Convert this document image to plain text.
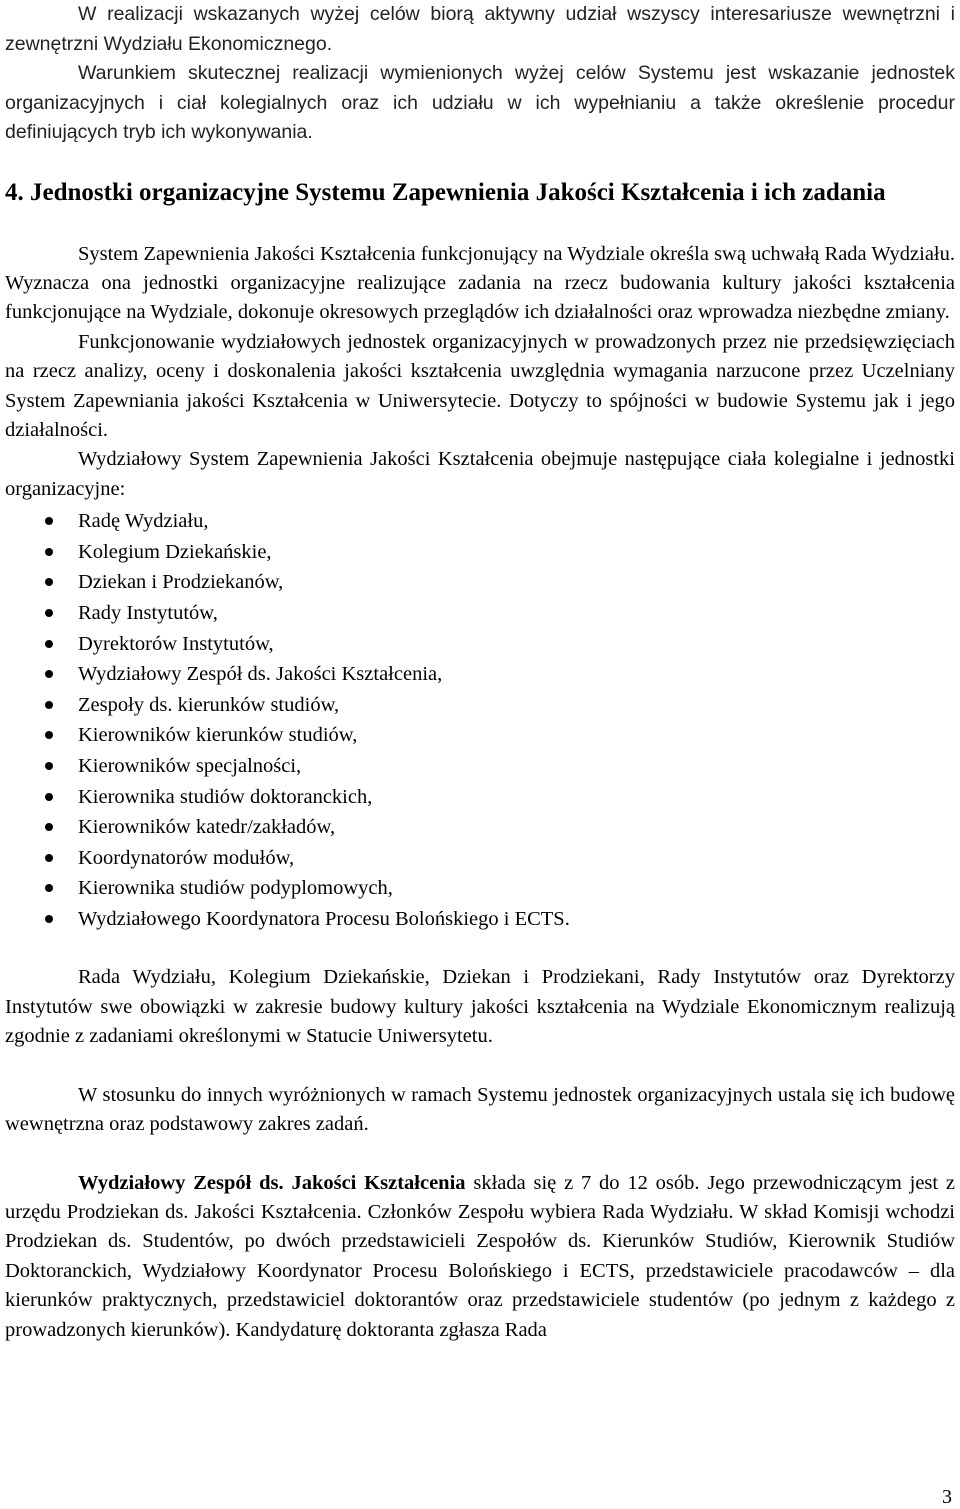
W realizacji wskazanych wyżej celów biorą aktywny udział wszyscy interesariusze wewnętrzni i zewnętrzni Wydziału Ekonomicznego.

Warunkiem skutecznej realizacji wymienionych wyżej celów Systemu jest wskazanie jednostek organizacyjnych i ciał kolegialnych oraz ich udziału w ich wypełnianiu a także określenie procedur definiujących tryb ich wykonywania.

4. Jednostki organizacyjne Systemu Zapewnienia Jakości Kształcenia i ich zadania

System Zapewnienia Jakości Kształcenia funkcjonujący na Wydziale określa swą uchwałą Rada Wydziału. Wyznacza ona jednostki organizacyjne realizujące zadania na rzecz budowania kultury jakości kształcenia funkcjonujące na Wydziale, dokonuje okresowych przeglądów ich działalności oraz wprowadza niezbędne zmiany.

Funkcjonowanie wydziałowych jednostek organizacyjnych w prowadzonych przez nie przedsięwzięciach na rzecz analizy, oceny i doskonalenia jakości kształcenia uwzględnia wymagania narzucone przez Uczelniany System Zapewniania jakości Kształcenia w Uniwersytecie. Dotyczy to spójności w budowie Systemu jak i jego działalności.

Wydziałowy System Zapewnienia Jakości Kształcenia obejmuje następujące ciała kolegialne i jednostki organizacyjne:

Radę Wydziału,
Kolegium Dziekańskie,
Dziekan i Prodziekanów,
Rady Instytutów,
Dyrektorów Instytutów,
Wydziałowy Zespół ds. Jakości Kształcenia,
Zespoły ds. kierunków studiów,
Kierowników kierunków studiów,
Kierowników specjalności,
Kierownika studiów doktoranckich,
Kierowników katedr/zakładów,
Koordynatorów modułów,
Kierownika studiów podyplomowych,
Wydziałowego Koordynatora Procesu Bolońskiego i ECTS.

Rada Wydziału, Kolegium Dziekańskie, Dziekan i Prodziekani, Rady Instytutów oraz Dyrektorzy Instytutów swe obowiązki w zakresie budowy kultury jakości kształcenia na Wydziale Ekonomicznym realizują zgodnie z zadaniami określonymi w Statucie Uniwersytetu.

W stosunku do innych wyróżnionych w ramach Systemu jednostek organizacyjnych ustala się ich budowę wewnętrzna oraz podstawowy zakres zadań.

Wydziałowy Zespół ds. Jakości Kształcenia składa się z 7 do 12 osób. Jego przewodniczącym jest z urzędu Prodziekan ds. Jakości Kształcenia. Członków Zespołu wybiera Rada Wydziału. W skład Komisji wchodzi Prodziekan ds. Studentów, po dwóch przedstawicieli Zespołów ds. Kierunków Studiów, Kierownik Studiów Doktoranckich, Wydziałowy Koordynator Procesu Bolońskiego i ECTS, przedstawiciele pracodawców – dla kierunków praktycznych, przedstawiciel doktorantów oraz przedstawiciele studentów (po jednym z każdego z prowadzonych kierunków). Kandydaturę doktoranta zgłasza Rada

3
